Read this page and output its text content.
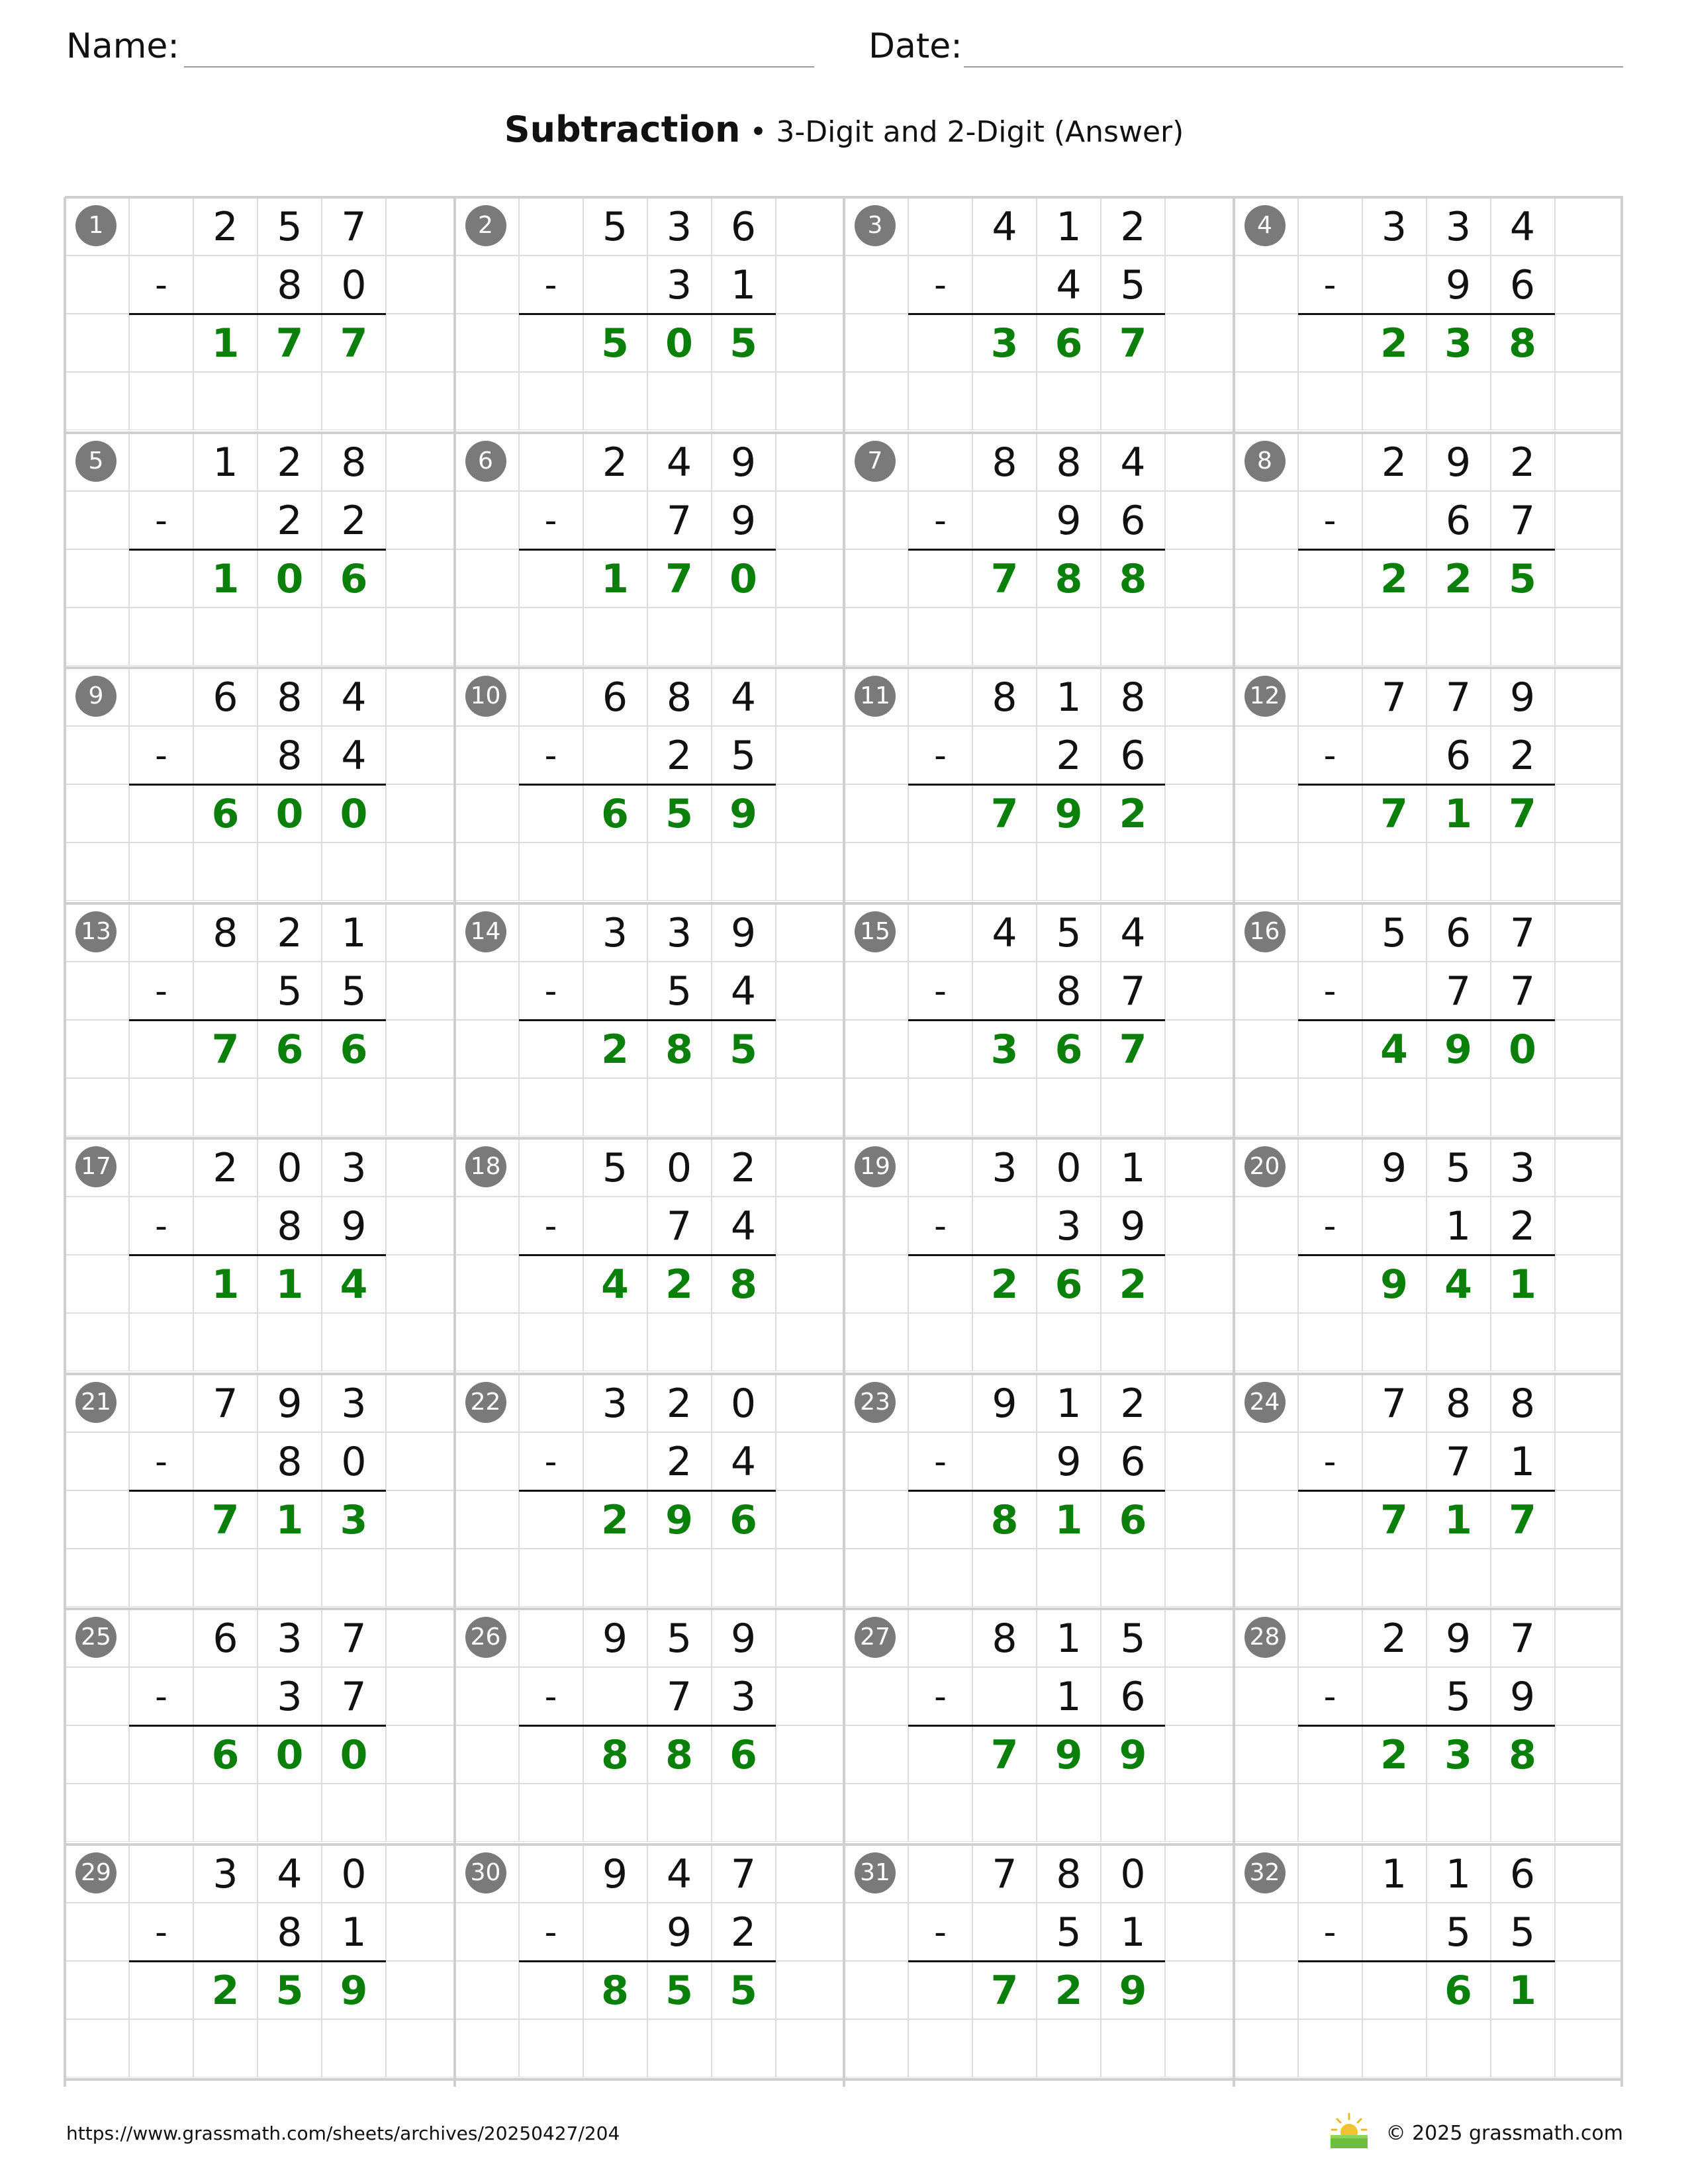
Name:	Date:
Subtraction • 3-Digit and 2-Digit (Answer)
2 5 7
-	8 0
1 7 7
1	5 3 6
-	3 1
5 0 5
2	4 1 2
-	4 5
3 6 7
3	3 3 4
-	9 6
2 3 8
4
1 2 8
-	2 2
1 0 6
5	2 4 9
-	7 9
1 7 0
6	8 8 4
-	9 6
7 8 8
7	2 9 2
-	6 7
2 2 5
8
6 8 4
-	8 4
6 0 0
9	6 8 4
-	2 5
6 5 9
10	8 1 8
-	2 6
7 9 2
11	7 7 9
-	6 2
7 1 7
12
8 2 1
-	5 5
7 6 6
13	3 3 9
-	5 4
2 8 5
14	4 5 4
-	8 7
3 6 7
15	5 6 7
-	7 7
4 9 0
16
2 0 3
-	8 9
1 1 4
17	5 0 2
-	7 4
4 2 8
18	3 0 1
-	3 9
2 6 2
19	9 5 3
-	1 2
9 4 1
20
7 9 3
-	8 0
7 1 3
21	3 2 0
-	2 4
2 9 6
22	9 1 2
-	9 6
8 1 6
23	7 8 8
-	7 1
7 1 7
24
6 3 7
-	3 7
6 0 0
25	9 5 9
-	7 3
8 8 6
26	8 1 5
-	1 6
7 9 9
27	2 9 7
-	5 9
2 3 8
28
3 4 0
-	8 1
2 5 9
29	9 4 7
-	9 2
8 5 5
30	7 8 0
-	5 1
7 2 9
31	1 1 6
-	5 5
6 1
32
https://www.grassmath.com/sheets/archives/20250427/204	© 2025 grassmath.com
